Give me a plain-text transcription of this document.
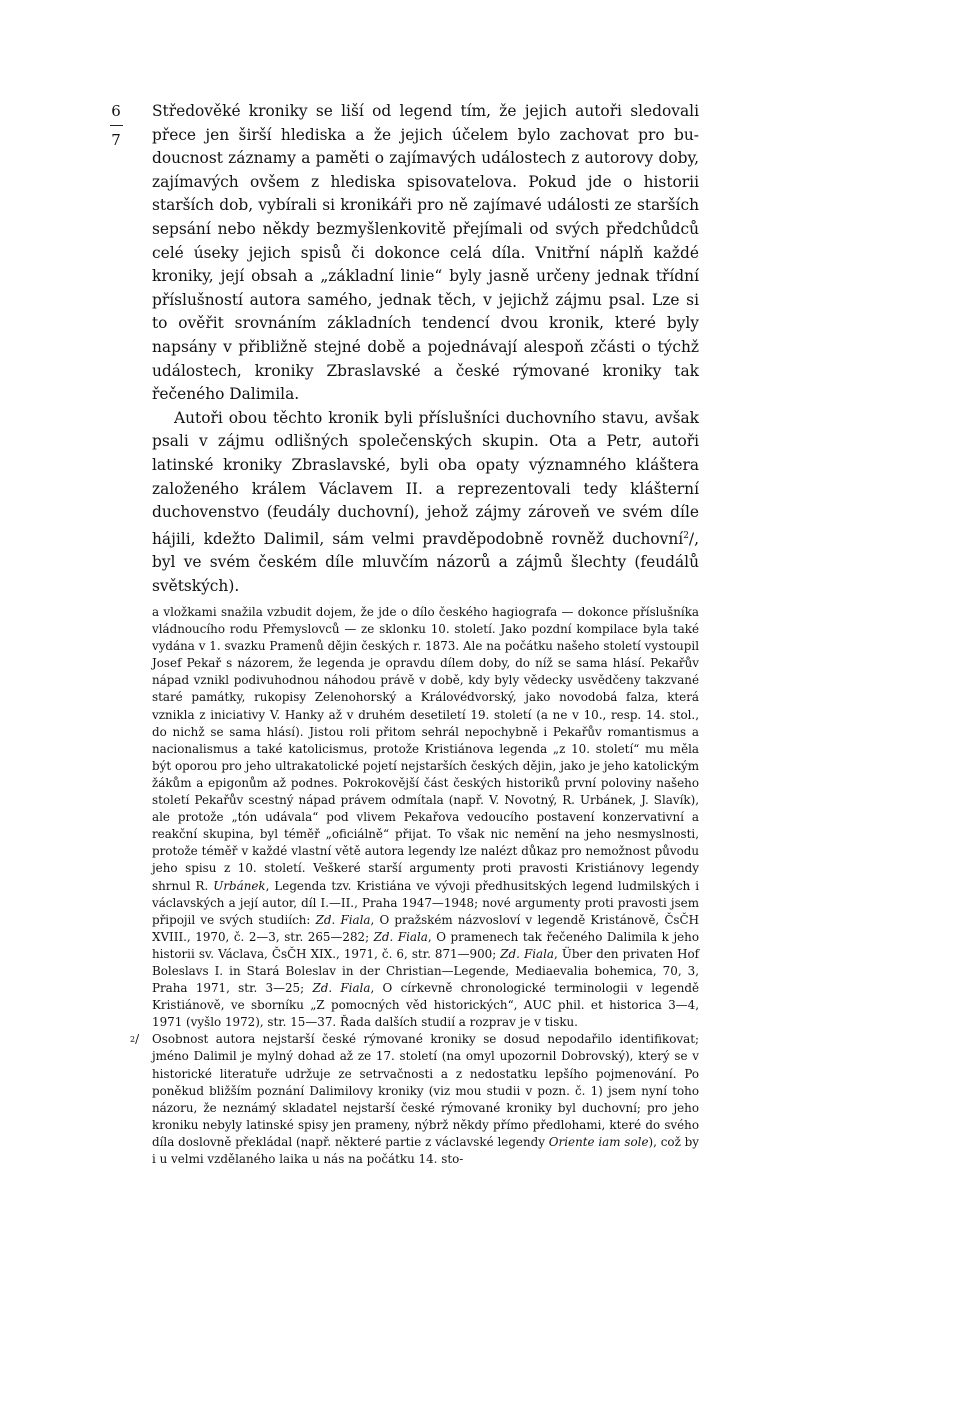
6
7

Středověké kroniky se liší od legend tím, že jejich autoři sledovali přece jen širší hlediska a že jejich účelem bylo zachovat pro budoucnost záznamy a paměti o zajímavých událostech z autorovy doby, zajímavých ovšem z hlediska spisovatelova. Pokud jde o historii starších dob, vybírali si kronikáři pro ně zajímavé události ze starších sepsání nebo někdy bezmyšlenkovitě přejímali od svých předchůdců celé úseky jejich spisů či dokonce celá díla. Vnitřní náplň každé kroniky, její obsah a „základní linie“ byly jasně určeny jednak třídní příslušností autora samého, jednak těch, v jejichž zájmu psal. Lze si to ověřit srovnáním základních tendencí dvou kronik, které byly napsány v přibližně stejné době a pojednávají alespoň zčásti o týchž událostech, kroniky Zbraslavské a české rýmované kroniky tak řečeného Dalimila.

Autoři obou těchto kronik byli příslušníci duchovního stavu, avšak psali v zájmu odlišných společenských skupin. Ota a Petr, autoři latinské kroniky Zbraslavské, byli oba opaty významného kláštera založeného králem Václavem II. a reprezentovali tedy klášterní duchovenstvo (feudály duchovní), jehož zájmy zároveň ve svém díle hájili, kdežto Dalimil, sám velmi pravděpodobně rovněž duchovní$^2$/, byl ve svém českém díle mluvčím názorů a zájmů šlechty (feudálů světských).

a vložkami snažila vzbudit dojem, že jde o dílo českého hagiografa — dokonce příslušníka vládnoucího rodu Přemyslovců — ze sklonku 10. století. Jako pozdní kompilace byla také vydána v 1. svazku Pramenů dějin českých r. 1873. Ale na počátku našeho století vystoupil Josef Pekař s názorem, že legenda je opravdu dílem doby, do níž se sama hlásí. Pekařův nápad vznikl podivuhodnou náhodou právě v době, kdy byly vědecky usvědčeny takzvané staré památky, rukopisy Zelenohorský a Královédvorský, jako novodobá falza, která vznikla z iniciativy V. Hanky až v druhém desetiletí 19. století (a ne v 10., resp. 14. stol., do nichž se sama hlásí). Jistou roli přitom sehrál nepochybně i Pekařův romantismus a nacionalismus a také katolicismus, protože Kristiánova legenda „z 10. století“ mu měla být oporou pro jeho ultrakatolické pojetí nejstarších českých dějin, jako je jeho katolickým žákům a epigonům až podnes. Pokrokovější část českých historiků první poloviny našeho století Pekařův scestný nápad právem odmítala (např. V. Novotný, R. Urbánek, J. Slavík), ale protože „tón udávala“ pod vlivem Pekařova vedoucího postavení konzervativní a reakční skupina, byl téměř „oficiálně“ přijat. To však nic nemění na jeho nesmyslnosti, protože téměř v každé vlastní větě autora legendy lze nalézt důkaz pro nemožnost původu jeho spisu z 10. století. Veškeré starší argumenty proti pravosti Kristiánovy legendy shrnul R. Urbánek, Legenda tzv. Kristiána ve vývoji předhusitských legend ludmilských i václavských a její autor, díl I.—II., Praha 1947—1948; nové argumenty proti pravosti jsem připojil ve svých studiích: Zd. Fiala, O pražském názvosloví v legendě Kristánově, ČsČH XVIII., 1970, č. 2—3, str. 265—282; Zd. Fiala, O pramenech tak řečeného Dalimila k jeho historii sv. Václava, ČsČH XIX., 1971, č. 6, str. 871—900; Zd. Fiala, Über den privaten Hof Boleslavs I. in Stará Boleslav in der Christian—Legende, Mediaevalia bohemica, 70, 3, Praha 1971, str. 3—25; Zd. Fiala, O církevně chronologické terminologii v legendě Kristiánově, ve sborníku „Z pomocných věd historických“, AUC phil. et historica 3—4, 1971 (vyšlo 1972), str. 15—37. Řada dalších studií a rozprav je v tisku.

$^2$/ Osobnost autora nejstarší české rýmované kroniky se dosud nepodařilo identifikovat; jméno Dalimil je mylný dohad až ze 17. století (na omyl upozornil Dobrovský), který se v historické literatuře udržuje ze setrvačnosti a z nedostatku lepšího pojmenování. Po poněkud bližším poznání Dalimilovy kroniky (viz mou studii v pozn. č. 1) jsem nyní toho názoru, že neznámý skladatel nejstarší české rýmované kroniky byl duchovní; pro jeho kroniku nebyly latinské spisy jen prameny, nýbrž někdy přímo předlohami, které do svého díla doslovně překládal (např. některé partie z václavské legendy Oriente iam sole), což by i u velmi vzdělaného laika u nás na počátku 14. sto-
